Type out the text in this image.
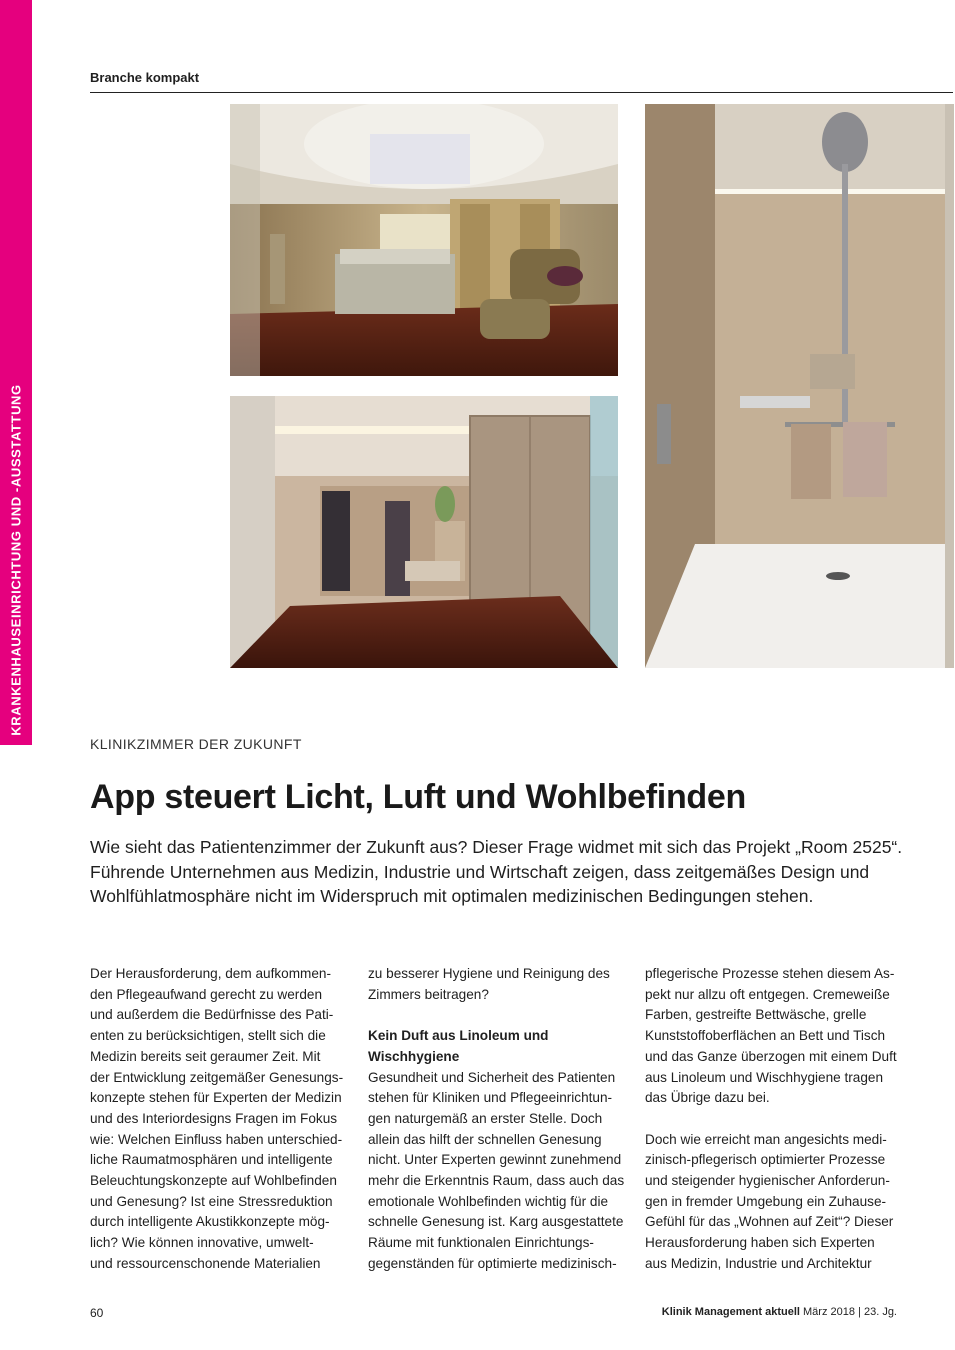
KRANKENHAUSEINRICHTUNG UND -AUSSTATTUNG
Branche kompakt
KLINIKZIMMER DER ZUKUNFT
App steuert Licht, Luft und Wohlbefinden
Wie sieht das Patientenzimmer der Zukunft aus? Dieser Frage widmet mit sich das Projekt „Room 2525“.
Führende Unternehmen aus Medizin, Industrie und Wirtschaft zeigen, dass zeitgemäßes Design und
Wohlfühlatmosphäre nicht im Widerspruch mit optimalen medizinischen Bedingungen stehen.
Der Herausforderung, dem aufkommen-
den Pflegeaufwand gerecht zu werden
und außerdem die Bedürfnisse des Pati-
enten zu berücksichtigen, stellt sich die
Medizin bereits seit geraumer Zeit. Mit
der Entwicklung zeitgemäßer Genesungs-
konzepte stehen für Experten der Medizin
und des Interiordesigns Fragen im Fokus
wie: Welchen Einfluss haben unterschied-
liche Raumatmosphären und intelligente
Beleuchtungskonzepte auf Wohlbefinden
und Genesung? Ist eine Stressreduktion
durch intelligente Akustikkonzepte mög-
lich? Wie können innovative, umwelt-
und ressourcenschonende Materialien
zu besserer Hygiene und Reinigung des
Zimmers beitragen?
Kein Duft aus Linoleum und
Wischhygiene
Gesundheit und Sicherheit des Patienten
stehen für Kliniken und Pflegeeinrichtun-
gen naturgemäß an erster Stelle. Doch
allein das hilft der schnellen Genesung
nicht. Unter Experten gewinnt zunehmend
mehr die Erkenntnis Raum, dass auch das
emotionale Wohlbefinden wichtig für die
schnelle Genesung ist. Karg ausgestattete
Räume mit funktionalen Einrichtungs-
gegenständen für optimierte medizinisch-
pflegerische Prozesse stehen diesem As-
pekt nur allzu oft entgegen. Cremeweiße
Farben, gestreifte Bettwäsche, grelle
Kunststoffoberflächen an Bett und Tisch
und das Ganze überzogen mit einem Duft
aus Linoleum und Wischhygiene tragen
das Übrige dazu bei.
Doch wie erreicht man angesichts medi-
zinisch-pflegerisch optimierter Prozesse
und steigender hygienischer Anforderun-
gen in fremder Umgebung ein Zuhause-
Gefühl für das „Wohnen auf Zeit“? Dieser
Herausforderung haben sich Experten
aus Medizin, Industrie und Architektur
60	Klinik Management aktuell März 2018 | 23. Jg.
